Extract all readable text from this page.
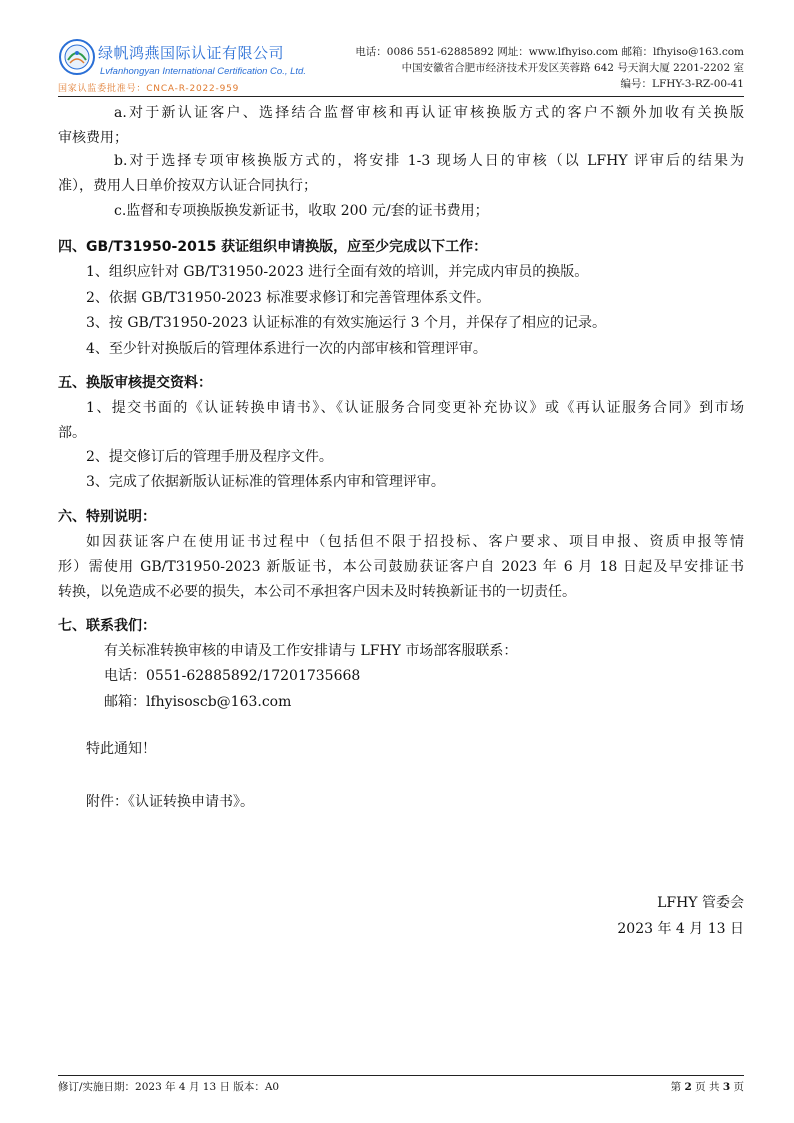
绿帆鸿燕国际认证有限公司
Lvfanhongyan International Certification Co., Ltd.
国家认监委批准号：CNCA-R-2022-959
电话：0086 551-62885892 网址：www.lfhyiso.com 邮箱：lfhyiso@163.com
中国安徽省合肥市经济技术开发区芙蓉路 642 号天润大厦 2201-2202 室
编号：LFHY-3-RZ-00-41
a.对于新认证客户、选择结合监督审核和再认证审核换版方式的客户不额外加收有关换版
审核费用；
b.对于选择专项审核换版方式的，将安排 1-3 现场人日的审核（以 LFHY 评审后的结果为
准），费用人日单价按双方认证合同执行；
c.监督和专项换版换发新证书，收取 200 元/套的证书费用；
四、GB/T31950-2015 获证组织申请换版，应至少完成以下工作：
1、组织应针对 GB/T31950-2023 进行全面有效的培训，并完成内审员的换版。
2、依据 GB/T31950-2023 标准要求修订和完善管理体系文件。
3、按 GB/T31950-2023 认证标准的有效实施运行 3 个月，并保存了相应的记录。
4、至少针对换版后的管理体系进行一次的内部审核和管理评审。
五、换版审核提交资料：
1、提交书面的《认证转换申请书》、《认证服务合同变更补充协议》或《再认证服务合同》到市场
部。
2、提交修订后的管理手册及程序文件。
3、完成了依据新版认证标准的管理体系内审和管理评审。
六、特别说明：
如因获证客户在使用证书过程中（包括但不限于招投标、客户要求、项目申报、资质申报等情
形）需使用 GB/T31950-2023 新版证书，本公司鼓励获证客户自 2023 年 6 月 18 日起及早安排证书
转换，以免造成不必要的损失，本公司不承担客户因未及时转换新证书的一切责任。
七、联系我们：
有关标准转换审核的申请及工作安排请与 LFHY 市场部客服联系：
电话：0551-62885892/17201735668
邮箱：lfhyisoscb@163.com
特此通知！
附件：《认证转换申请书》。
LFHY 管委会
2023 年 4 月 13 日
修订/实施日期：2023 年 4 月 13 日 版本：A0	第 2 页 共 3 页
